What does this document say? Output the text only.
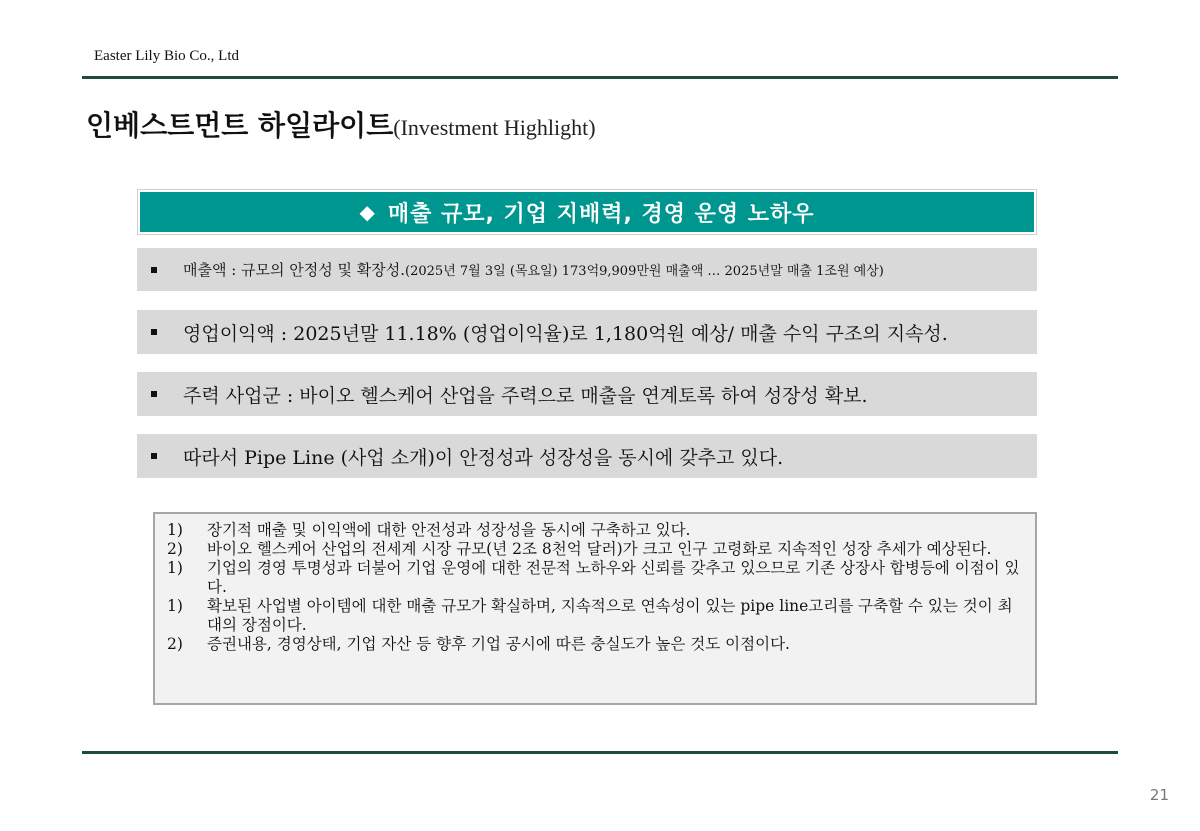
Easter Lily Bio Co., Ltd
인베스트먼트 하일라이트(Investment Highlight)
◆ 매출 규모, 기업 지배력, 경영 운영 노하우
매출액 : 규모의 안정성 및 확장성. (2025년 7월 3일 (목요일) 173억9,909만원 매출액 … 2025년말 매출 1조원 예상)
영업이익액 : 2025년말 11.18% (영업이익율)로 1,180억원 예상/ 매출 수익 구조의 지속성.
주력 사업군 : 바이오 헬스케어 산업을 주력으로 매출을 연계토록 하여 성장성 확보.
따라서 Pipe Line (사업 소개)이 안정성과 성장성을 동시에 갖추고 있다.
1)	장기적 매출 및 이익액에 대한 안전성과 성장성을 동시에 구축하고 있다.
2)	바이오 헬스케어 산업의 전세계 시장 규모(년 2조 8천억 달러)가 크고 인구 고령화로 지속적인 성장 추세가 예상된다.
1)	기업의 경영 투명성과 더불어 기업 운영에 대한 전문적 노하우와 신뢰를 갖추고 있으므로 기존 상장사 합병등에 이점이 있다.
1)	확보된 사업별 아이템에 대한 매출 규모가 확실하며, 지속적으로 연속성이 있는 pipe line고리를 구축할 수 있는 것이 최대의 장점이다.
2)	증권내용, 경영상태, 기업 자산 등 향후 기업 공시에 따른 충실도가 높은 것도 이점이다.
21
